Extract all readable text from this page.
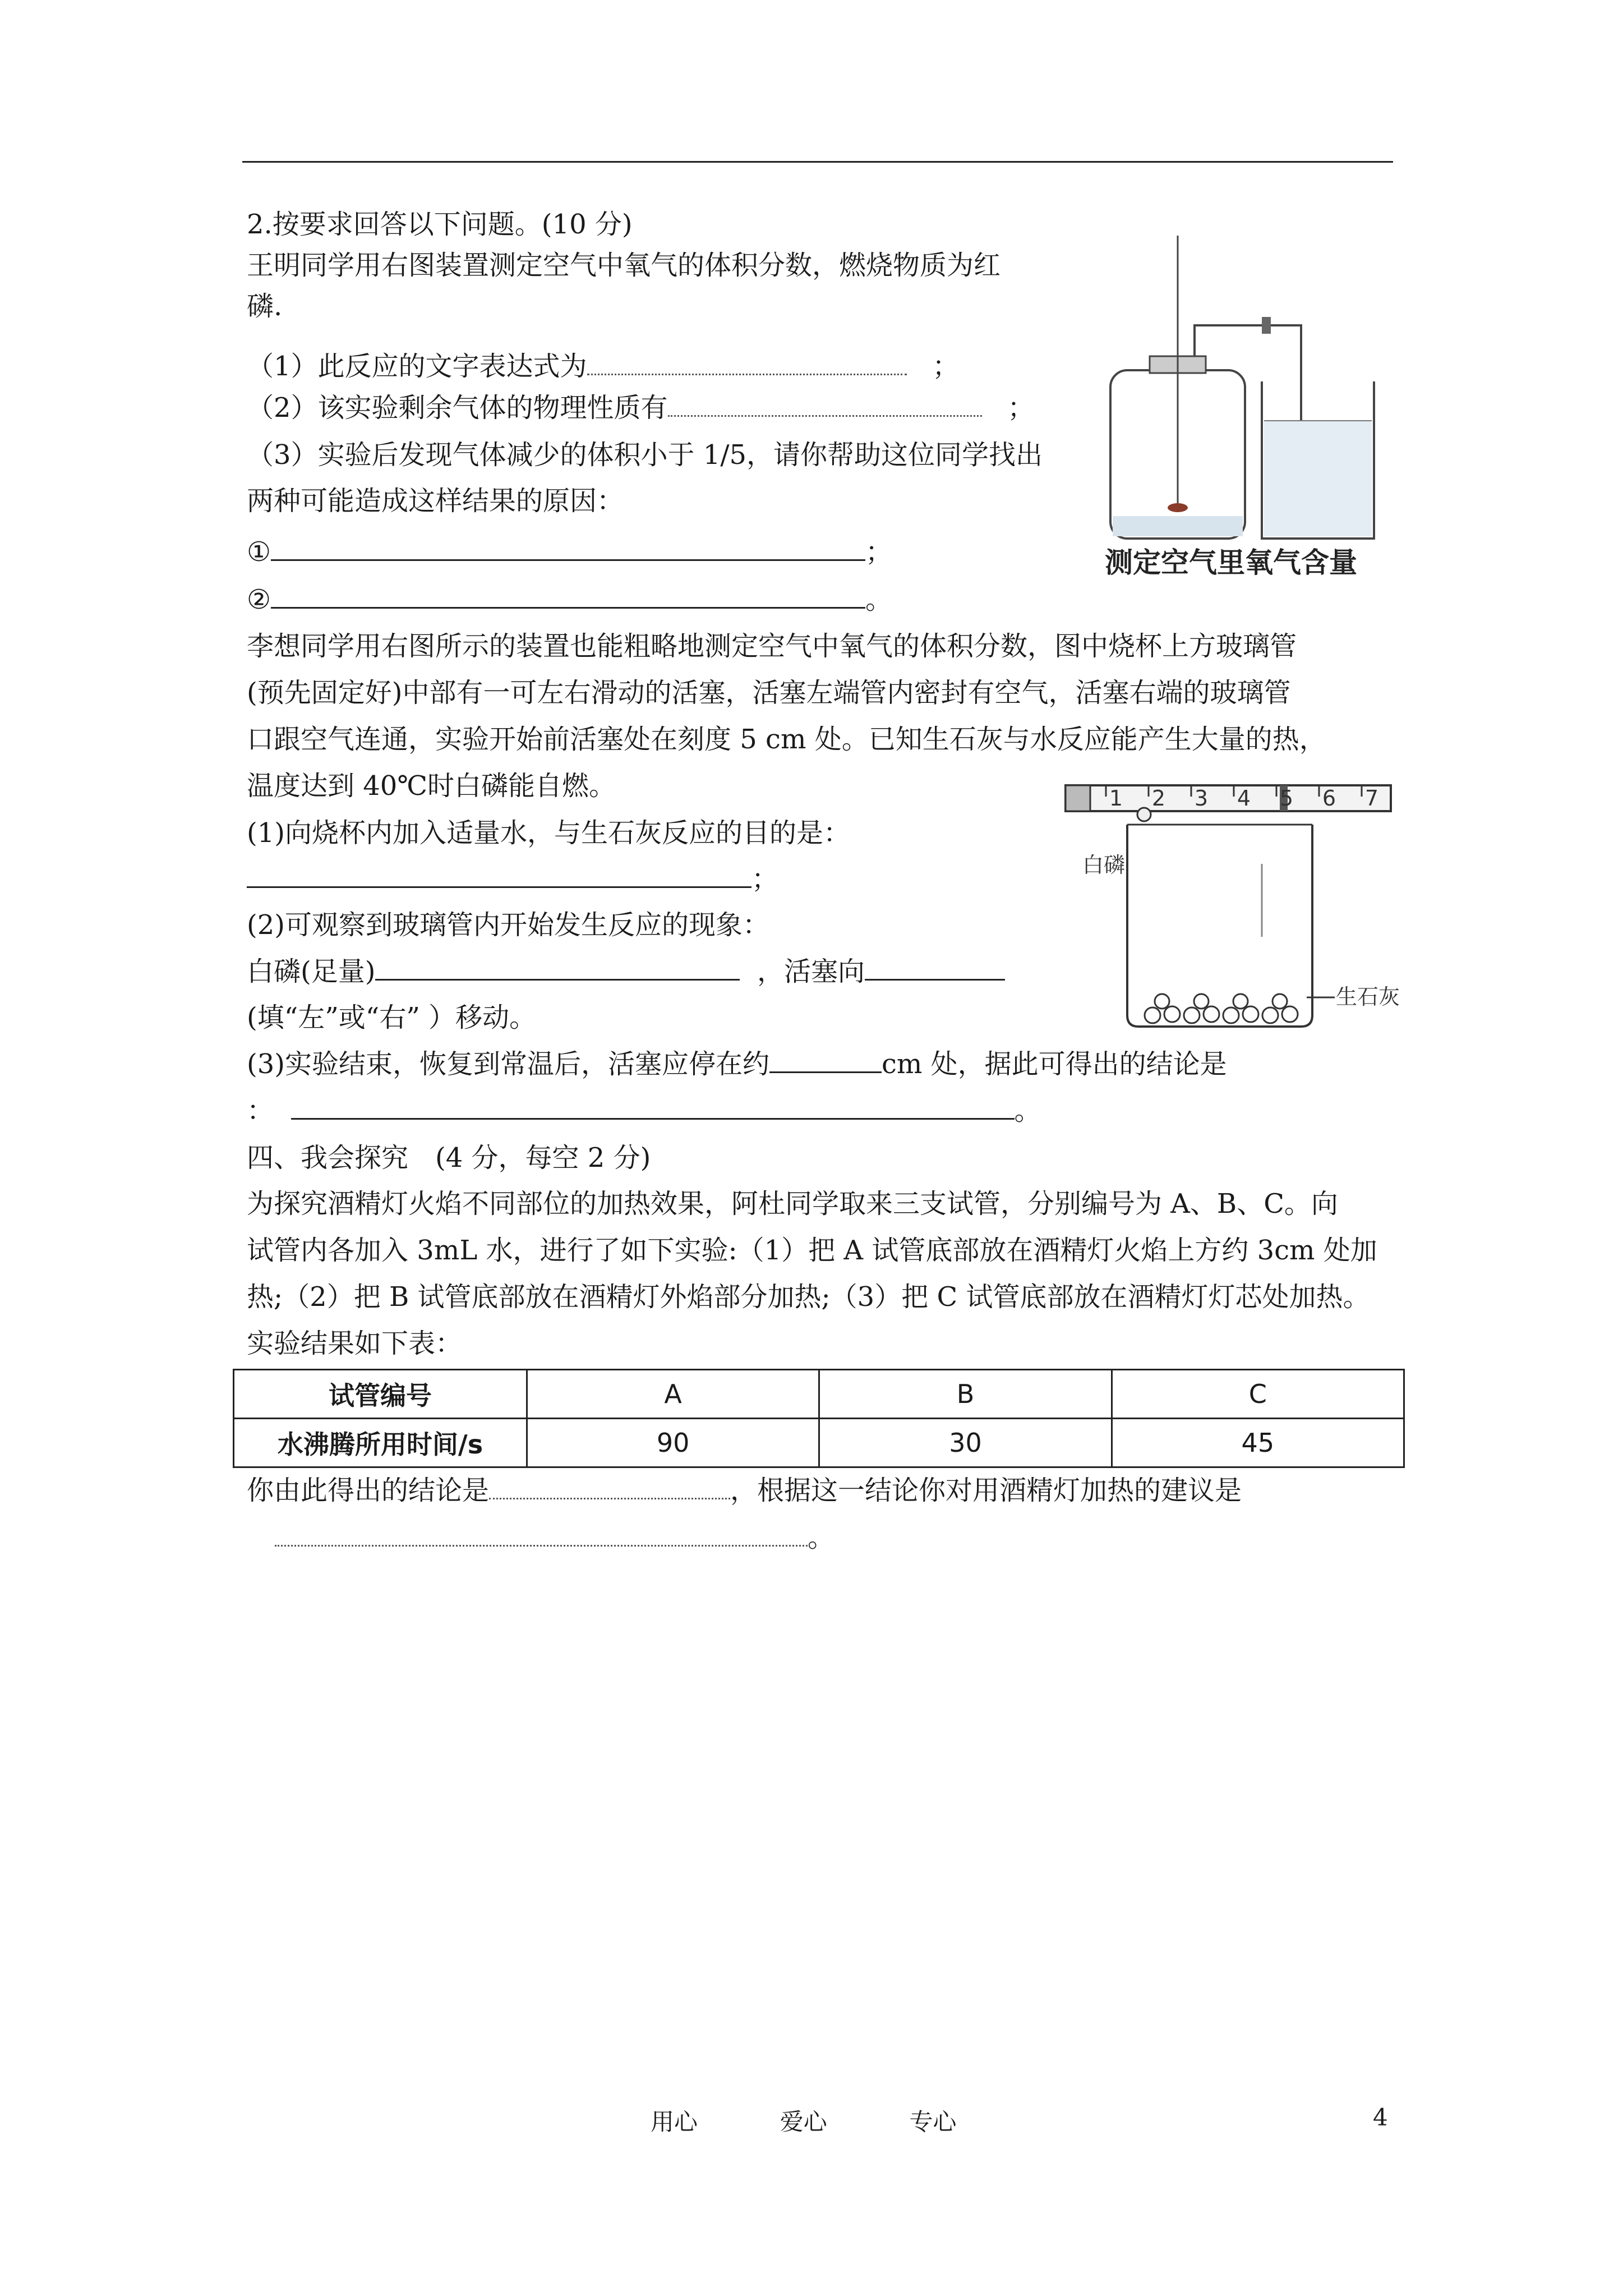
2.按要求回答以下问题。(10 分)
王明同学用右图装置测定空气中氧气的体积分数，燃烧物质为红
磷.
（1）此反应的文字表达式为	；
（2）该实验剩余气体的物理性质有	；
（3）实验后发现气体减少的体积小于 1/5，请你帮助这位同学找出
两种可能造成这样结果的原因：
①	；
②	。
李想同学用右图所示的装置也能粗略地测定空气中氧气的体积分数，图中烧杯上方玻璃管
(预先固定好)中部有一可左右滑动的活塞，活塞左端管内密封有空气，活塞右端的玻璃管
口跟空气连通，实验开始前活塞处在刻度 5 cm 处。已知生石灰与水反应能产生大量的热，
温度达到 40℃时白磷能自燃。
(1)向烧杯内加入适量水，与生石灰反应的目的是：
；
(2)可观察到玻璃管内开始发生反应的现象：
白磷(足量)	，活塞向
(填“左”或“右” ）移动。
(3)实验结束，恢复到常温后，活塞应停在约	cm 处，据此可得出的结论是
：	。
测定空气里氧气含量
1 2 3 4 5 6 7
白磷
生石灰
四、我会探究　(4 分，每空 2 分)
为探究酒精灯火焰不同部位的加热效果，阿杜同学取来三支试管，分别编号为 A、B、C。向
试管内各加入 3mL 水，进行了如下实验:（1）把 A 试管底部放在酒精灯火焰上方约 3cm 处加
热;（2）把 B 试管底部放在酒精灯外焰部分加热;（3）把 C 试管底部放在酒精灯灯芯处加热。
实验结果如下表：
试管编号	A	B	C
水沸腾所用时间/s	90	30	45
你由此得出的结论是	，根据这一结论你对用酒精灯加热的建议是
。
用心	爱心	专心	4
